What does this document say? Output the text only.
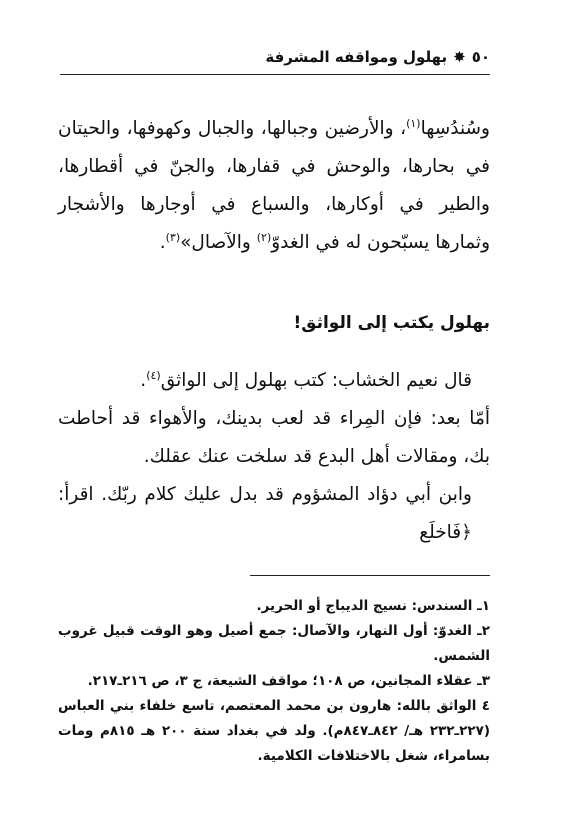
٥٠
✸
بهلول ومواقفه المشرفة

وسُندُسِها$^{(١)}$، والأرضين وجبالها، والجبال وكهوفها، والحيتان في بحارها، والوحش في قفارها، والجنّ في أقطارها، والطير في أوكارها، والسباع في أوجارها والأشجار وثمارها يسبّحون له في الغدوّ$^{(٢)}$ والآصال»$^{(٣)}$.

بهلول يكتب إلى الواثق!

قال نعيم الخشاب: كتب بهلول إلى الواثق$^{(٤)}$.

أمّا بعد: فإن المِراء قد لعب بدينك، والأهواء قد أحاطت بك، ومقالات أهل البدع قد سلخت عنك عقلك.

وابن أبي دؤاد المشؤوم قد بدل عليك كلام ربّك. اقرأ: ﴿فَاخلَع

١ـ السندس: نسيج الديباج أو الحرير.

٢ـ الغدوّ: أول النهار، والآصال: جمع أصيل وهو الوقت قبيل غروب الشمس.

٣ـ عقلاء المجانين، ص ١٠٨؛ مواقف الشيعة، ج ٣، ص ٢١٦ـ٢١٧.

٤ الواثق بالله: هارون بن محمد المعتصم، تاسع خلفاء بني العباس (٢٢٧ـ٢٣٢ هـ/ ٨٤٢ـ٨٤٧م). ولد في بغداد سنة ٢٠٠ هـ ٨١٥م ومات بسامراء، شغل بالاختلافات الكلامية.
